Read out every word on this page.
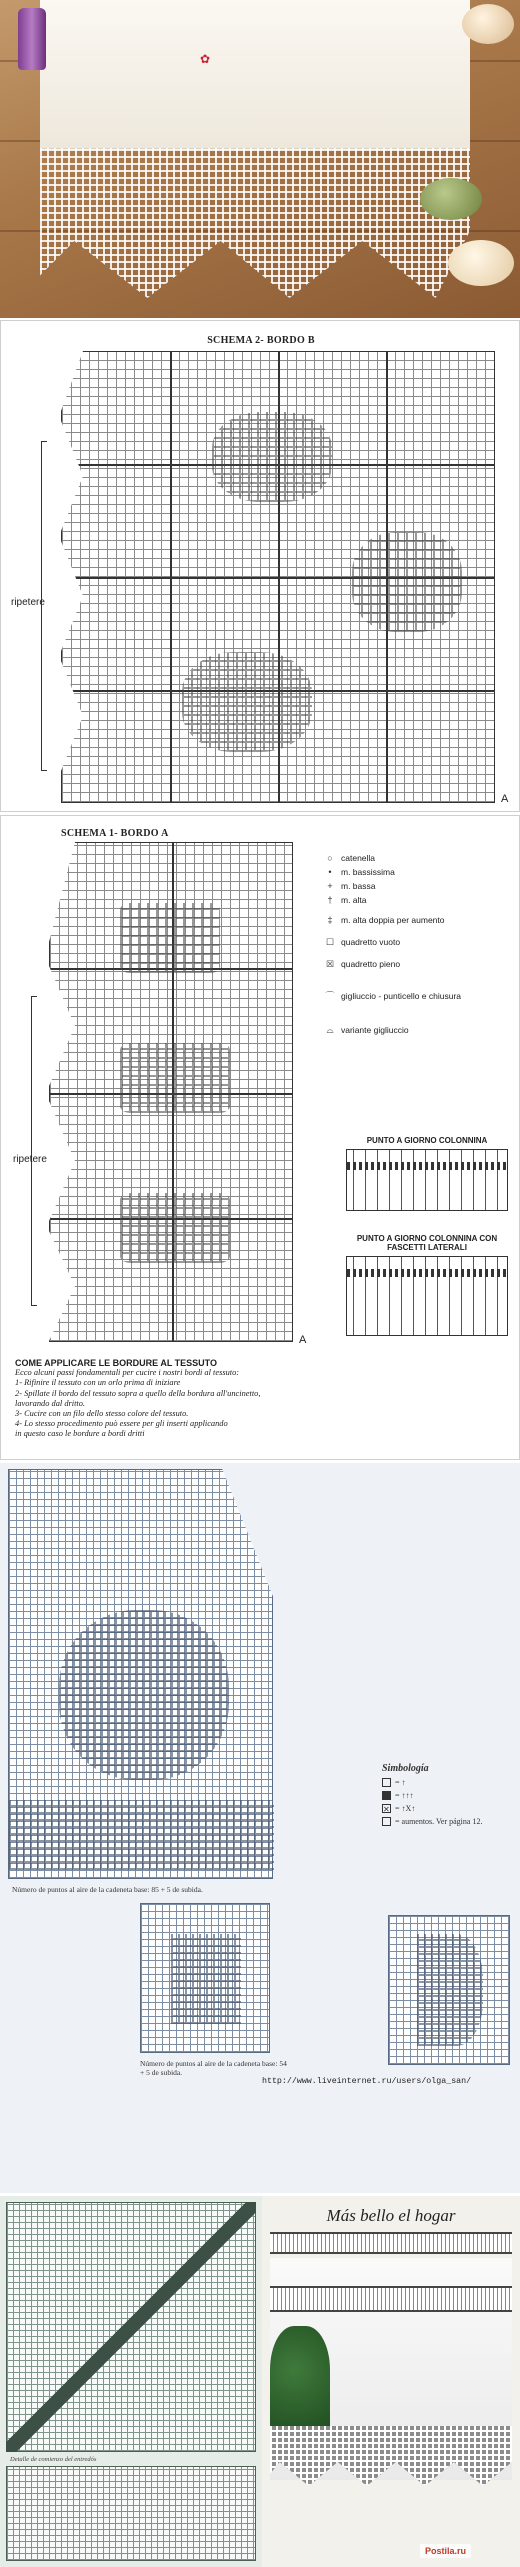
✿
SCHEMA 2- BORDO B
ripetere
A
SCHEMA 1- BORDO A
ripetere
A
○ catenella
•	m. bassissima
+ m. bassa
†	m. alta
‡	m. alta doppia per aumento
☐ quadretto vuoto
☒ quadretto pieno
⌒ gigliuccio - punticello e chiusura
⌓ variante gigliuccio
PUNTO A GIORNO COLONNINA
PUNTO A GIORNO COLONNINA CON FASCETTI LATERALI
COME APPLICARE LE BORDURE AL TESSUTO
Ecco alcuni passi fondamentali per cucire i nostri bordi al tessuto:

1- Rifinire il tessuto con un orlo prima di iniziare

2- Spillate il bordo del tessuto sopra a quello della bordura all'uncinetto,

lavorando dal dritto.

3- Cucire con un filo dello stesso colore del tessuto.

4- Lo stesso procedimento può essere per gli inserti applicando

in questo caso le bordure a bordi dritti

Número de puntos al aire de la cadeneta base: 85 + 5 de subida.
Número de puntos al aire de la cadeneta base: 54 + 5 de subida.
Simbología
= ↑
= ↑↑↑
✕ = ↑X↑
= aumentos. Ver página 12.
http://www.liveinternet.ru/users/olga_san/
Detalle de comienzo del entredós
Más bello el hogar
Postila.ru
